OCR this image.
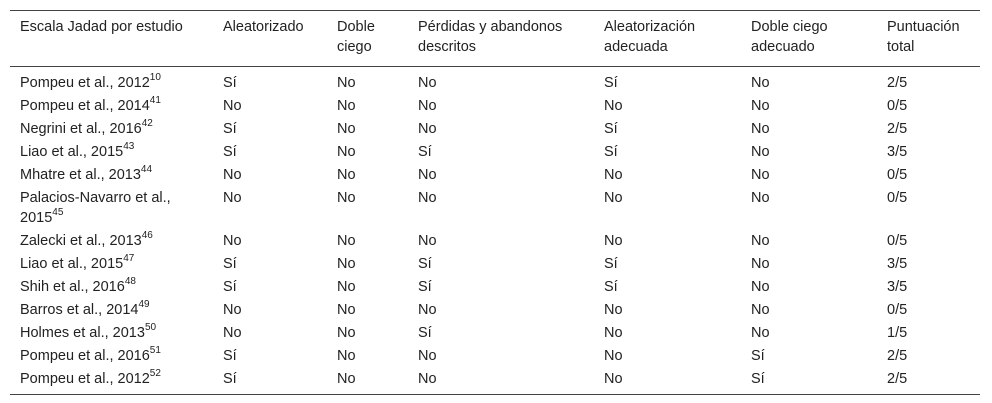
Escala Jadad por estudio	Aleatorizado	Doble ciego	Pérdidas y abandonos descritos	Aleatorización adecuada	Doble ciego adecuado	Puntuación total
Pompeu et al., 2012$^{10}$	Sí	No	No	Sí	No	2/5
Pompeu et al., 2014$^{41}$	No	No	No	No	No	0/5
Negrini et al., 2016$^{42}$	Sí	No	No	Sí	No	2/5
Liao et al., 2015$^{43}$	Sí	No	Sí	Sí	No	3/5
Mhatre et al., 2013$^{44}$	No	No	No	No	No	0/5
Palacios-Navarro et al., 2015$^{45}$	No	No	No	No	No	0/5
Zalecki et al., 2013$^{46}$	No	No	No	No	No	0/5
Liao et al., 2015$^{47}$	Sí	No	Sí	Sí	No	3/5
Shih et al., 2016$^{48}$	Sí	No	Sí	Sí	No	3/5
Barros et al., 2014$^{49}$	No	No	No	No	No	0/5
Holmes et al., 2013$^{50}$	No	No	Sí	No	No	1/5
Pompeu et al., 2016$^{51}$	Sí	No	No	No	Sí	2/5
Pompeu et al., 2012$^{52}$	Sí	No	No	No	Sí	2/5
